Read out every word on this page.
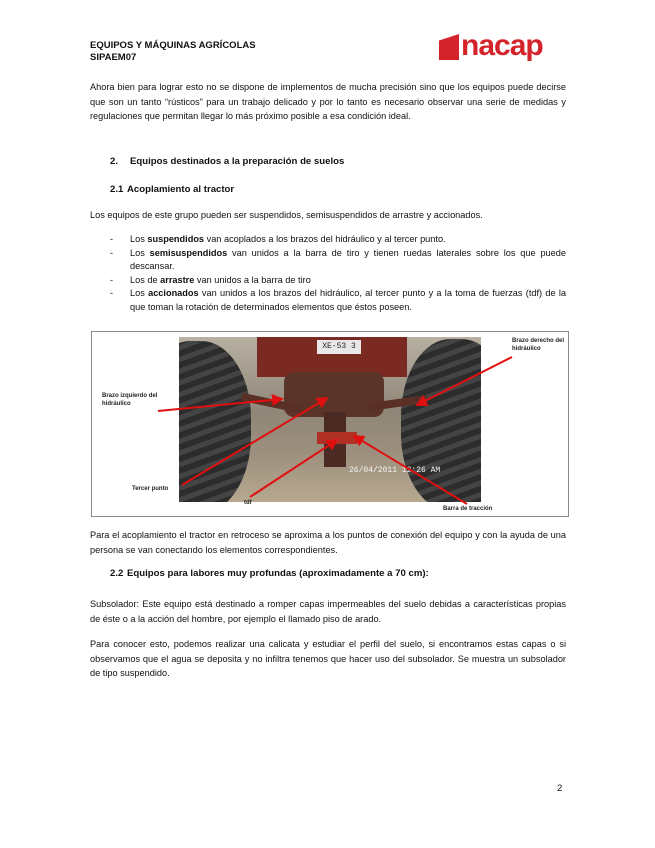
EQUIPOS Y MÁQUINAS AGRÍCOLAS
SIPAEM07	nacap
Ahora bien para lograr esto no se dispone de implementos de mucha precisión sino que los equipos puede decirse que son un tanto “rústicos” para un trabajo delicado y por lo tanto es necesario observar una serie de medidas y regulaciones que permitan llegar lo más próximo posible a esa condición ideal.
2. Equipos destinados a la preparación de suelos
2.1 Acoplamiento al tractor
Los equipos de este grupo pueden ser suspendidos, semisuspendidos de arrastre y accionados.
- Los suspendidos van acoplados a los brazos del hidráulico y al tercer punto.
- Los semisuspendidos van unidos a la barra de tiro y tienen ruedas laterales sobre los que puede descansar.
- Los de arrastre van unidos a la barra de tiro
- Los accionados van unidos a los brazos del hidráulico, al tercer punto y a la toma de fuerzas (tdf) de la que toman la rotación de determinados elementos que éstos poseen.
XE-53 3
26/04/2011 12:26 AM
Brazo derecho del hidráulico
Brazo izquierdo del hidráulico
Tercer punto
tdf
Barra de tracción
Para el acoplamiento el tractor en retroceso se aproxima a los puntos de conexión del equipo y con la ayuda de una persona se van conectando los elementos correspondientes.
2.2 Equipos para labores muy profundas (aproximadamente a 70 cm):
Subsolador: Este equipo está destinado a romper capas impermeables del suelo debidas a características propias de éste o a la acción del hombre, por ejemplo el llamado piso de arado.
Para conocer esto, podemos realizar una calicata y estudiar el perfil del suelo, si encontramos estas capas o si observamos que el agua se deposita y no infiltra tenemos que hacer uso del subsolador. Se muestra un subsolador de tipo suspendido.
2
